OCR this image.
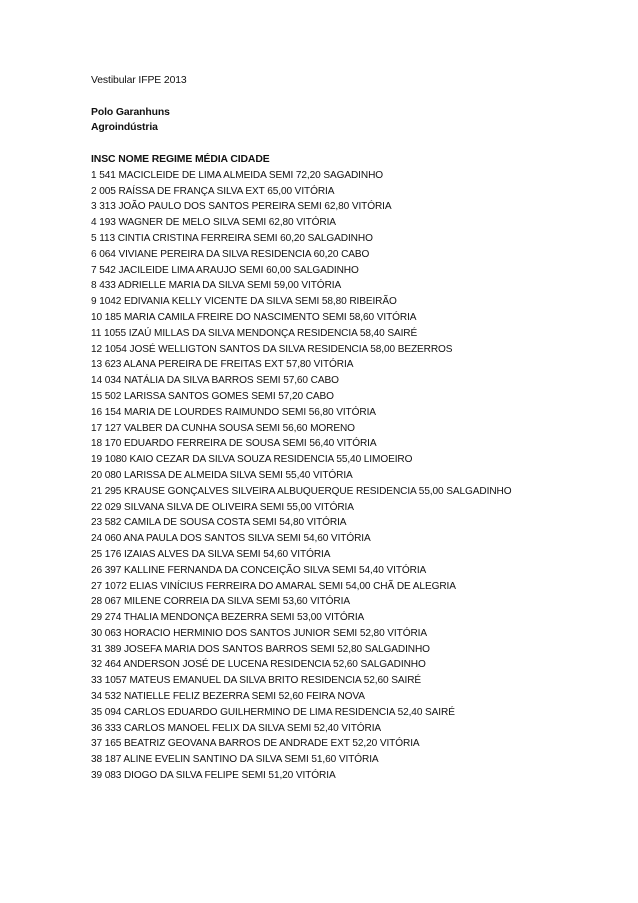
Vestibular IFPE 2013
Polo Garanhuns
Agroindústria
INSC NOME REGIME MÉDIA CIDADE
1 541 MACICLEIDE DE LIMA ALMEIDA SEMI 72,20 SAGADINHO
2 005 RAÍSSA DE FRANÇA SILVA EXT 65,00 VITÓRIA
3 313 JOÃO PAULO DOS SANTOS PEREIRA SEMI 62,80 VITÓRIA
4 193 WAGNER DE MELO SILVA SEMI 62,80 VITÓRIA
5 113 CINTIA CRISTINA FERREIRA SEMI 60,20 SALGADINHO
6 064 VIVIANE PEREIRA DA SILVA RESIDENCIA 60,20 CABO
7 542 JACILEIDE LIMA ARAUJO SEMI 60,00 SALGADINHO
8 433 ADRIELLE MARIA DA SILVA SEMI 59,00 VITÓRIA
9 1042 EDIVANIA KELLY VICENTE DA SILVA SEMI 58,80 RIBEIRÃO
10 185 MARIA CAMILA FREIRE DO NASCIMENTO SEMI 58,60 VITÓRIA
11 1055 IZAÚ MILLAS DA SILVA MENDONÇA RESIDENCIA 58,40 SAIRÉ
12 1054 JOSÉ WELLIGTON SANTOS DA SILVA RESIDENCIA 58,00 BEZERROS
13 623 ALANA PEREIRA DE FREITAS EXT 57,80 VITÓRIA
14 034 NATÁLIA DA SILVA BARROS SEMI 57,60 CABO
15 502 LARISSA SANTOS GOMES SEMI 57,20 CABO
16 154 MARIA DE LOURDES RAIMUNDO SEMI 56,80 VITÓRIA
17 127 VALBER DA CUNHA SOUSA SEMI 56,60 MORENO
18 170 EDUARDO FERREIRA DE SOUSA SEMI 56,40 VITÓRIA
19 1080 KAIO CEZAR DA SILVA SOUZA RESIDENCIA 55,40 LIMOEIRO
20 080 LARISSA DE ALMEIDA SILVA SEMI 55,40 VITÓRIA
21 295 KRAUSE GONÇALVES SILVEIRA ALBUQUERQUE RESIDENCIA 55,00 SALGADINHO
22 029 SILVANA SILVA DE OLIVEIRA SEMI 55,00 VITÓRIA
23 582 CAMILA DE SOUSA COSTA SEMI 54,80 VITÓRIA
24 060 ANA PAULA DOS SANTOS SILVA SEMI 54,60 VITÓRIA
25 176 IZAIAS ALVES DA SILVA SEMI 54,60 VITÓRIA
26 397 KALLINE FERNANDA DA CONCEIÇÃO SILVA SEMI 54,40 VITÓRIA
27 1072 ELIAS VINÍCIUS FERREIRA DO AMARAL SEMI 54,00 CHÃ DE ALEGRIA
28 067 MILENE CORREIA DA SILVA SEMI 53,60 VITÓRIA
29 274 THALIA MENDONÇA BEZERRA SEMI 53,00 VITÓRIA
30 063 HORACIO HERMINIO DOS SANTOS JUNIOR SEMI 52,80 VITÓRIA
31 389 JOSEFA MARIA DOS SANTOS BARROS SEMI 52,80 SALGADINHO
32 464 ANDERSON JOSÉ DE LUCENA RESIDENCIA 52,60 SALGADINHO
33 1057 MATEUS EMANUEL DA SILVA BRITO RESIDENCIA 52,60 SAIRÉ
34 532 NATIELLE FELIZ BEZERRA SEMI 52,60 FEIRA NOVA
35 094 CARLOS EDUARDO GUILHERMINO DE LIMA RESIDENCIA 52,40 SAIRÉ
36 333 CARLOS MANOEL FELIX DA SILVA SEMI 52,40 VITÓRIA
37 165 BEATRIZ GEOVANA BARROS DE ANDRADE EXT 52,20 VITÓRIA
38 187 ALINE EVELIN SANTINO DA SILVA SEMI 51,60 VITÓRIA
39 083 DIOGO DA SILVA FELIPE SEMI 51,20 VITÓRIA
